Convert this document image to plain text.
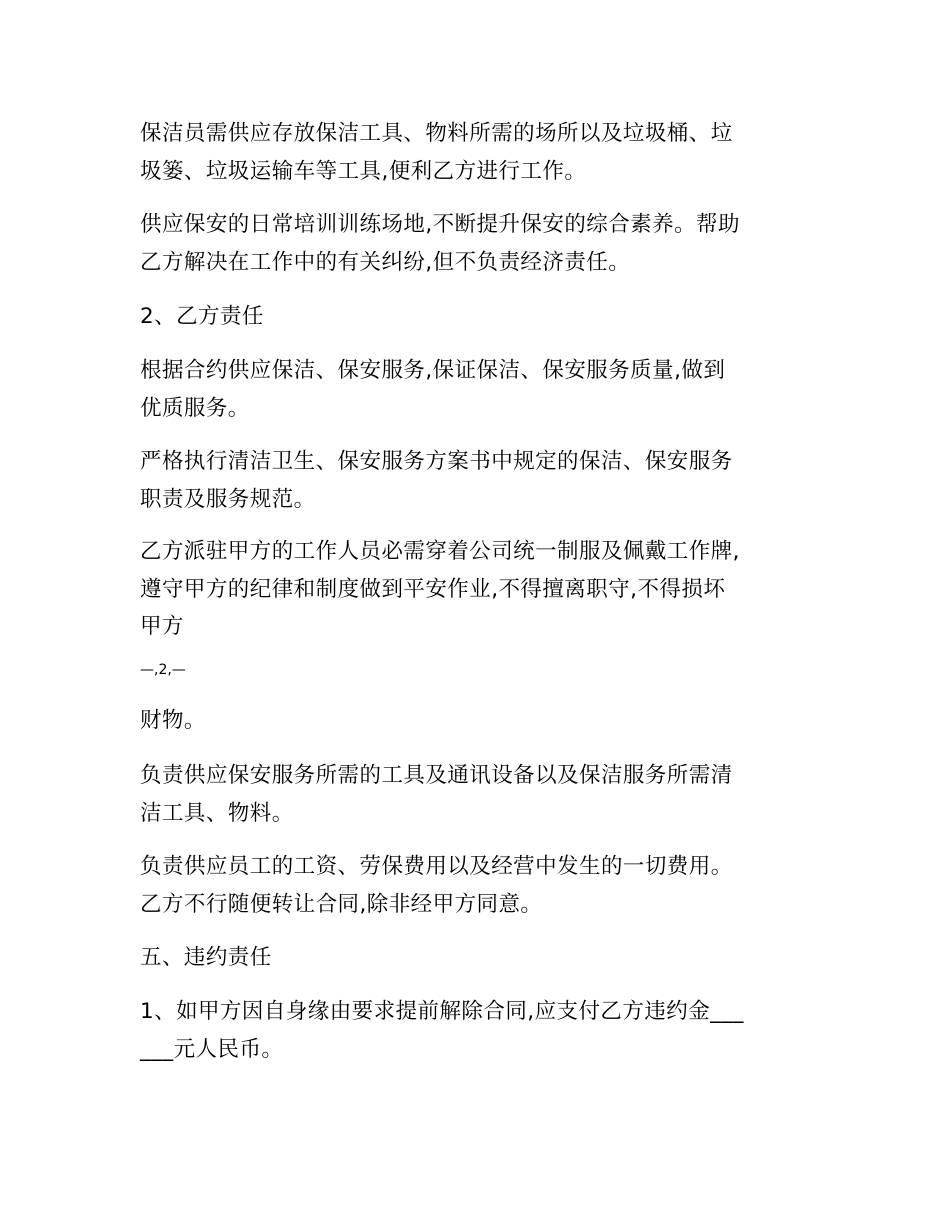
保洁员需供应存放保洁工具、物料所需的场所以及垃圾桶、垃
圾篓、垃圾运输车等工具,便利乙方进行工作。

供应保安的日常培训训练场地,不断提升保安的综合素养。帮助
乙方解决在工作中的有关纠纷,但不负责经济责任。

2、乙方责任

根据合约供应保洁、保安服务,保证保洁、保安服务质量,做到
优质服务。

严格执行清洁卫生、保安服务方案书中规定的保洁、保安服务
职责及服务规范。

乙方派驻甲方的工作人员必需穿着公司统一制服及佩戴工作牌,
遵守甲方的纪律和制度做到平安作业,不得擅离职守,不得损坏
甲方

—,2,—

财物。

负责供应保安服务所需的工具及通讯设备以及保洁服务所需清
洁工具、物料。

负责供应员工的工资、劳保费用以及经营中发生的一切费用。
乙方不行随便转让合同,除非经甲方同意。

五、违约责任

1、如甲方因自身缘由要求提前解除合同,应支付乙方违约金___
___元人民币。
